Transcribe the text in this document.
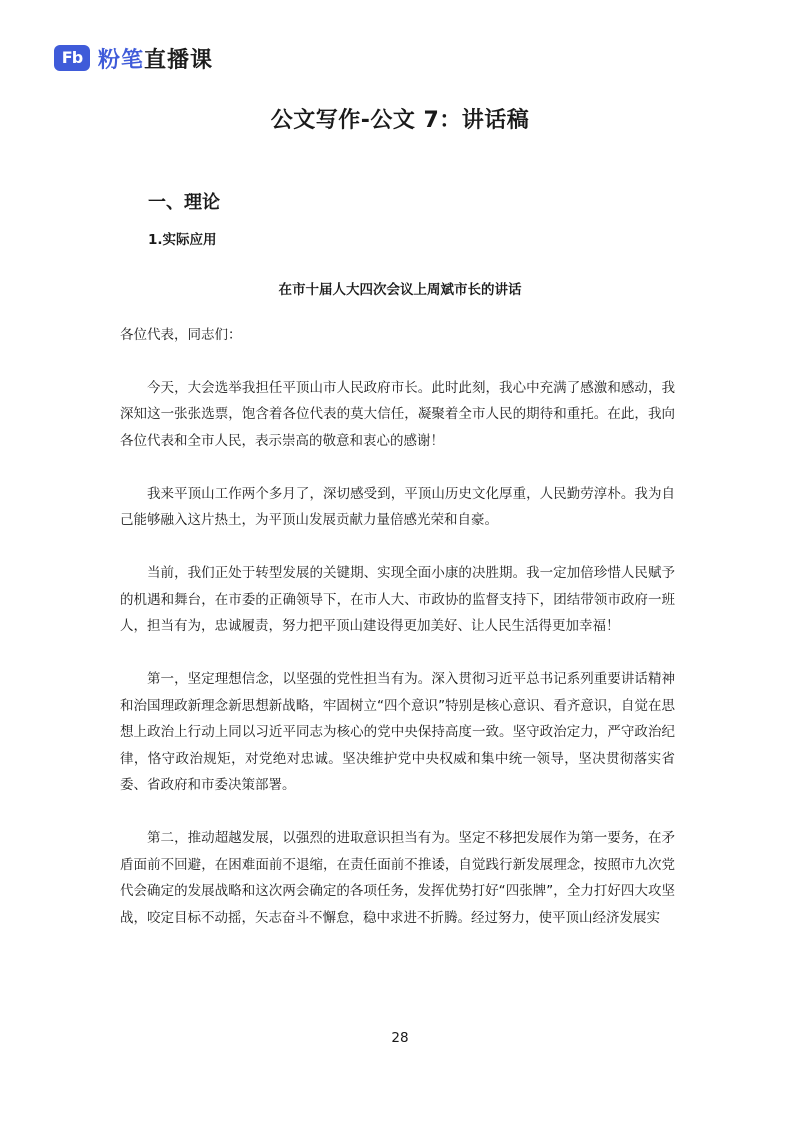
Fb 粉笔直播课
公文写作-公文 7：讲话稿
一、理论
1.实际应用
在市十届人大四次会议上周斌市长的讲话

各位代表，同志们：

今天，大会选举我担任平顶山市人民政府市长。此时此刻，我心中充满了感激和感动，我深知这一张张选票，饱含着各位代表的莫大信任，凝聚着全市人民的期待和重托。在此，我向各位代表和全市人民，表示崇高的敬意和衷心的感谢！

我来平顶山工作两个多月了，深切感受到，平顶山历史文化厚重，人民勤劳淳朴。我为自己能够融入这片热土，为平顶山发展贡献力量倍感光荣和自豪。

当前，我们正处于转型发展的关键期、实现全面小康的决胜期。我一定加倍珍惜人民赋予的机遇和舞台，在市委的正确领导下，在市人大、市政协的监督支持下，团结带领市政府一班人，担当有为，忠诚履责，努力把平顶山建设得更加美好、让人民生活得更加幸福！

第一，坚定理想信念，以坚强的党性担当有为。深入贯彻习近平总书记系列重要讲话精神和治国理政新理念新思想新战略，牢固树立“四个意识”特别是核心意识、看齐意识，自觉在思想上政治上行动上同以习近平同志为核心的党中央保持高度一致。坚守政治定力，严守政治纪律，恪守政治规矩，对党绝对忠诚。坚决维护党中央权威和集中统一领导，坚决贯彻落实省委、省政府和市委决策部署。

第二，推动超越发展，以强烈的进取意识担当有为。坚定不移把发展作为第一要务，在矛盾面前不回避，在困难面前不退缩，在责任面前不推诿，自觉践行新发展理念，按照市九次党代会确定的发展战略和这次两会确定的各项任务，发挥优势打好“四张牌”，全力打好四大攻坚战，咬定目标不动摇，矢志奋斗不懈怠，稳中求进不折腾。经过努力，使平顶山经济发展实

28
